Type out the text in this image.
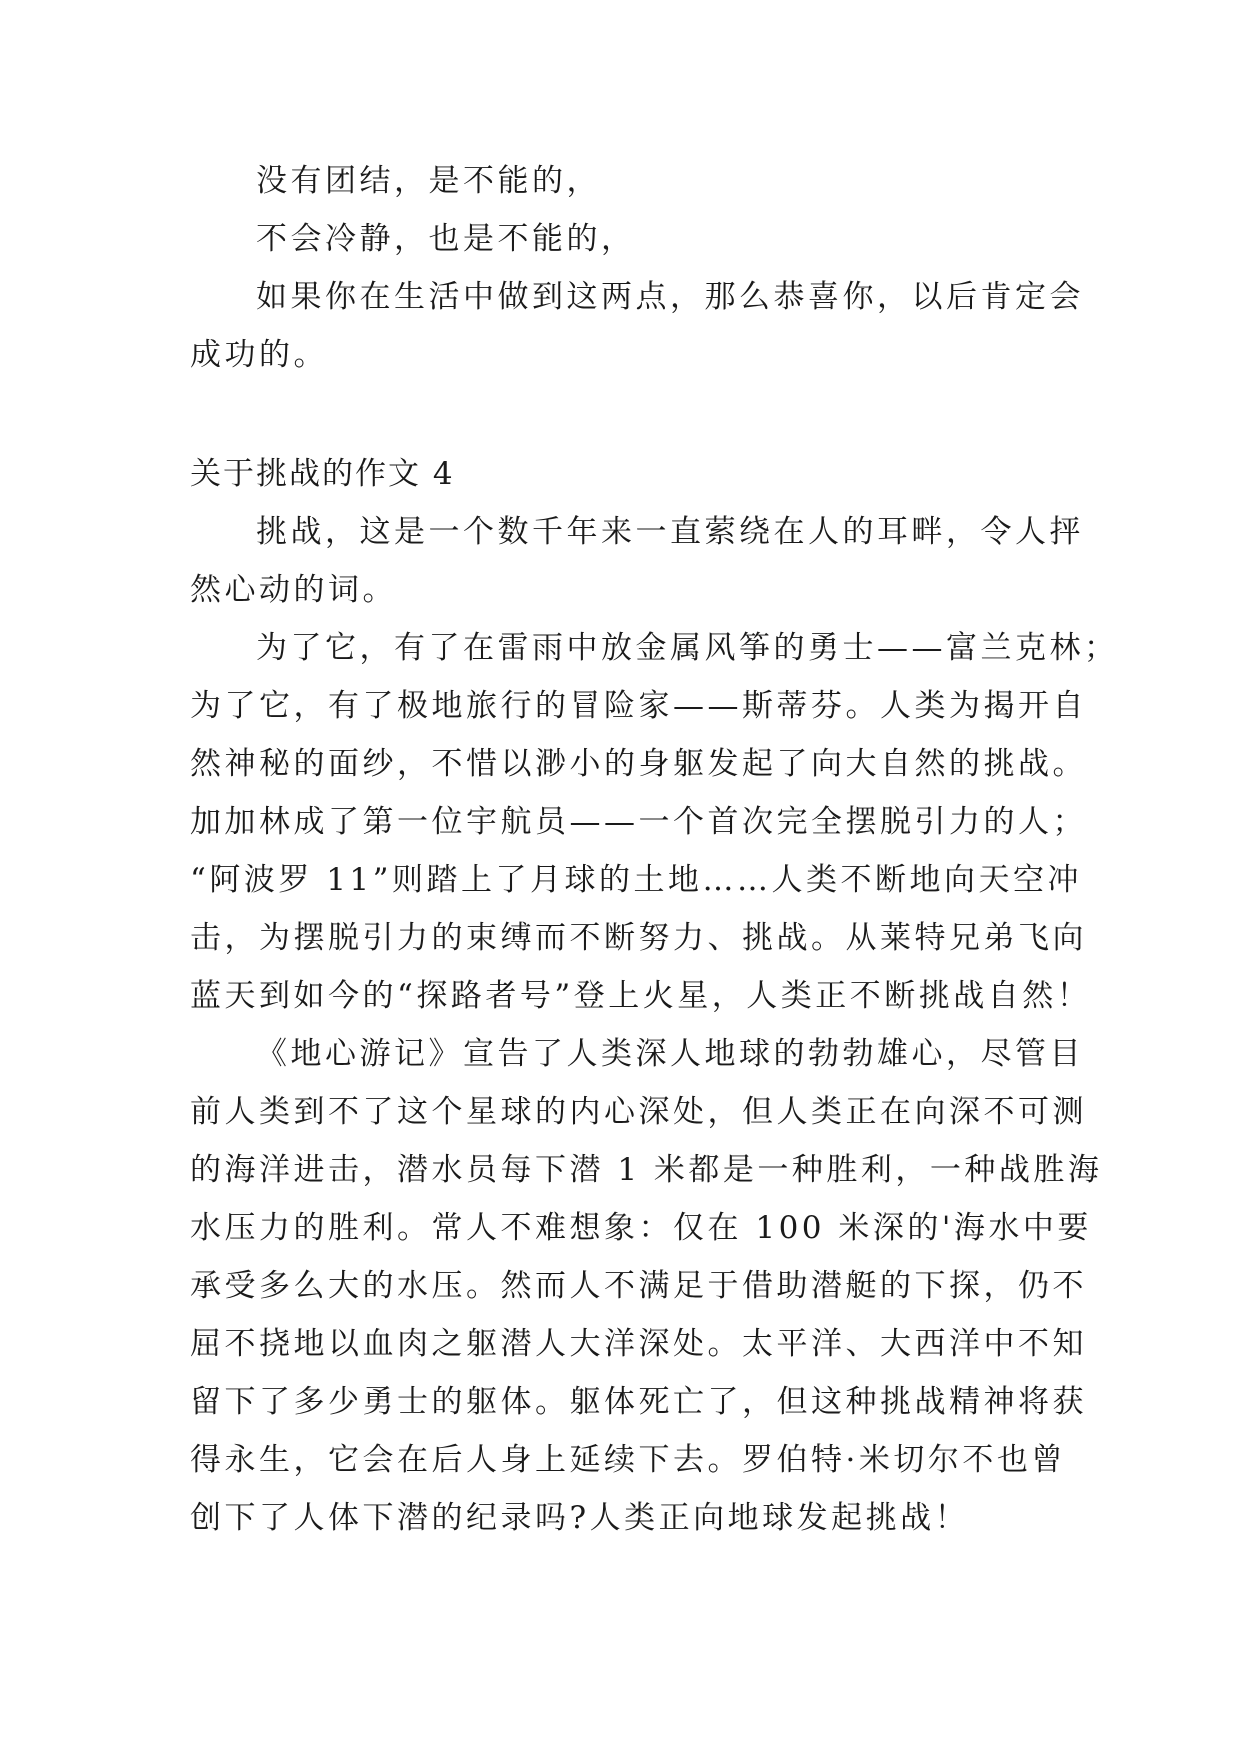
没有团结，是不能的，
不会冷静，也是不能的，
如果你在生活中做到这两点，那么恭喜你，以后肯定会
成功的。
关于挑战的作文 4
挑战，这是一个数千年来一直萦绕在人的耳畔，令人抨
然心动的词。
为了它，有了在雷雨中放金属风筝的勇士——富兰克林；
为了它，有了极地旅行的冒险家——斯蒂芬。人类为揭开自
然神秘的面纱，不惜以渺小的身躯发起了向大自然的挑战。
加加林成了第一位宇航员——一个首次完全摆脱引力的人；
“阿波罗 11”则踏上了月球的土地……人类不断地向天空冲
击，为摆脱引力的束缚而不断努力、挑战。从莱特兄弟飞向
蓝天到如今的“探路者号”登上火星，人类正不断挑战自然！
《地心游记》宣告了人类深人地球的勃勃雄心，尽管目
前人类到不了这个星球的内心深处，但人类正在向深不可测
的海洋进击，潜水员每下潜 1 米都是一种胜利，一种战胜海
水压力的胜利。常人不难想象：仅在 100 米深的'海水中要
承受多么大的水压。然而人不满足于借助潜艇的下探，仍不
屈不挠地以血肉之躯潜人大洋深处。太平洋、大西洋中不知
留下了多少勇士的躯体。躯体死亡了，但这种挑战精神将获
得永生，它会在后人身上延续下去。罗伯特·米切尔不也曾
创下了人体下潜的纪录吗?人类正向地球发起挑战！
